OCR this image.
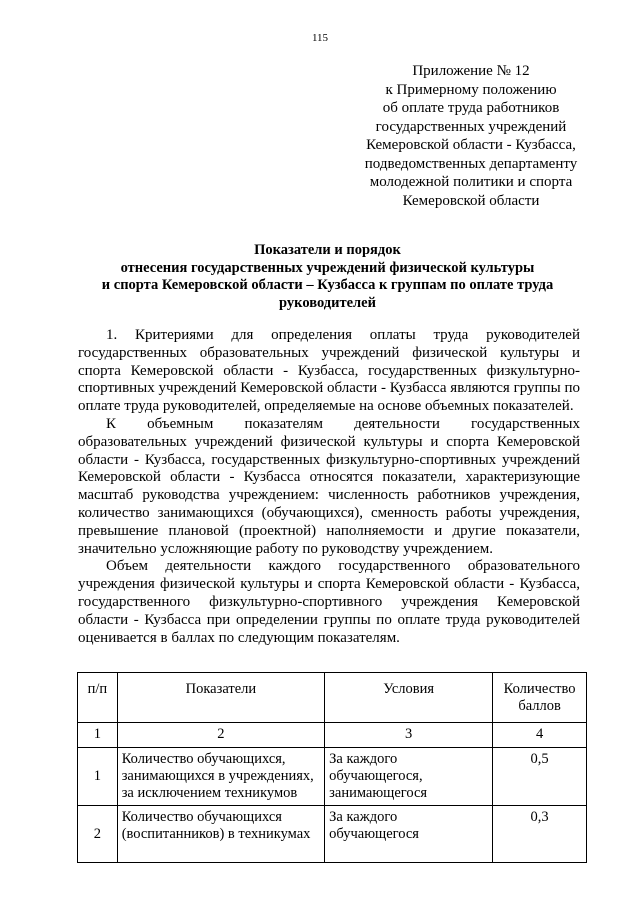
115
Приложение № 12
к Примерному положению
об оплате труда работников
государственных учреждений
Кемеровской области - Кузбасса,
подведомственных департаменту
молодежной политики и спорта
Кемеровской области
Показатели и порядок
отнесения государственных учреждений физической культуры
и спорта Кемеровской области – Кузбасса к группам по оплате труда
руководителей

1. Критериями для определения оплаты труда руководителей государственных образовательных учреждений физической культуры и спорта Кемеровской области - Кузбасса, государственных физкультурно-спортивных учреждений Кемеровской области - Кузбасса являются группы по оплате труда руководителей, определяемые на основе объемных показателей.

К объемным показателям деятельности государственных образовательных учреждений физической культуры и спорта Кемеровской области - Кузбасса, государственных физкультурно-спортивных учреждений Кемеровской области - Кузбасса относятся показатели, характеризующие масштаб руководства учреждением: численность работников учреждения, количество занимающихся (обучающихся), сменность работы учреждения, превышение плановой (проектной) наполняемости и другие показатели, значительно усложняющие работу по руководству учреждением.

Объем деятельности каждого государственного образовательного учреждения физической культуры и спорта Кемеровской области - Кузбасса, государственного физкультурно-спортивного учреждения Кемеровской области - Кузбасса при определении группы по оплате труда руководителей оценивается в баллах по следующим показателям.

п/п	Показатели	Условия	Количество баллов
1	2	3	4
1	Количество обучающихся, занимающихся в учреждениях, за исключением техникумов	За каждого обучающегося, занимающегося	0,5
2	Количество обучающихся (воспитанников) в техникумах	За каждого обучающегося	0,3
